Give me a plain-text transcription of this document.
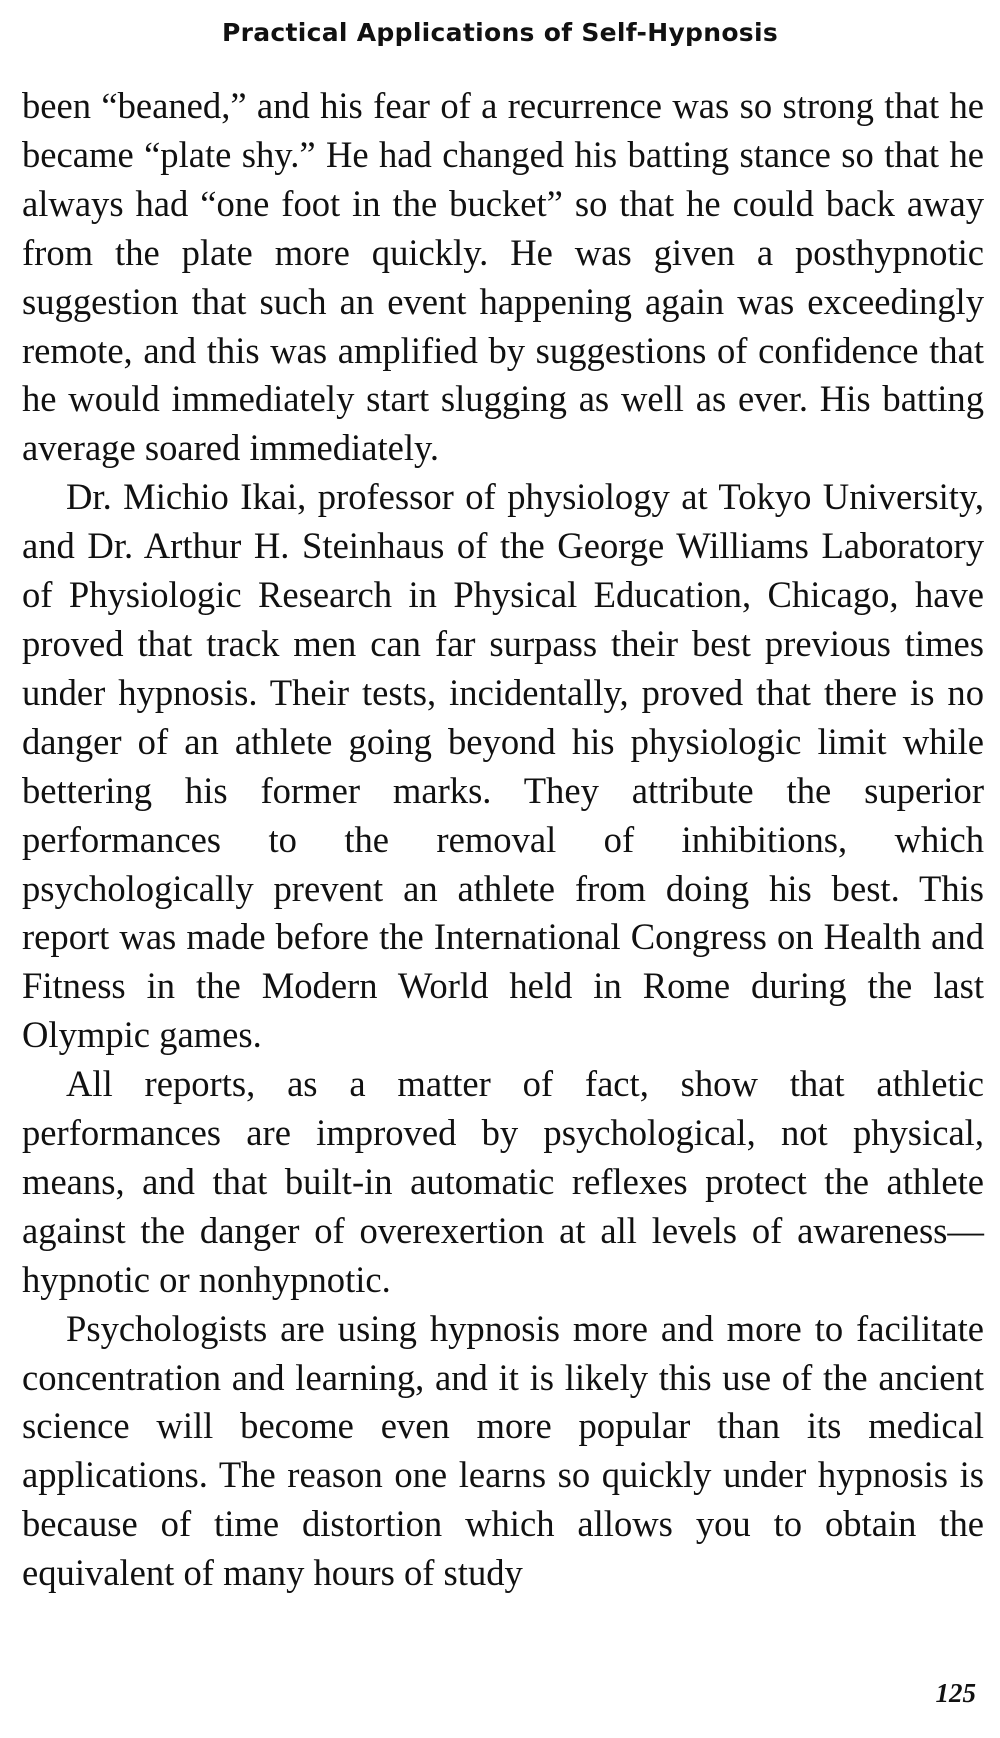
Practical Applications of Self-Hypnosis

been “beaned,” and his fear of a recurrence was so strong that he became “plate shy.” He had changed his batting stance so that he always had “one foot in the bucket” so that he could back away from the plate more quickly. He was given a posthypnotic suggestion that such an event happening again was exceedingly remote, and this was amplified by suggestions of confidence that he would immediately start slugging as well as ever. His batting average soared immediately.

Dr. Michio Ikai, professor of physiology at Tokyo University, and Dr. Arthur H. Steinhaus of the George Williams Laboratory of Physiologic Research in Physical Education, Chicago, have proved that track men can far surpass their best previous times under hypnosis. Their tests, incidentally, proved that there is no danger of an athlete going beyond his physiologic limit while bettering his former marks. They attribute the superior performances to the removal of inhibitions, which psychologically prevent an athlete from doing his best. This report was made before the International Congress on Health and Fitness in the Modern World held in Rome during the last Olympic games.

All reports, as a matter of fact, show that athletic performances are improved by psychological, not physical, means, and that built-in automatic reflexes protect the athlete against the danger of overexertion at all levels of awareness—hypnotic or nonhypnotic.

Psychologists are using hypnosis more and more to facilitate concentration and learning, and it is likely this use of the ancient science will become even more popular than its medical applications. The reason one learns so quickly under hypnosis is because of time distortion which allows you to obtain the equivalent of many hours of study

125
